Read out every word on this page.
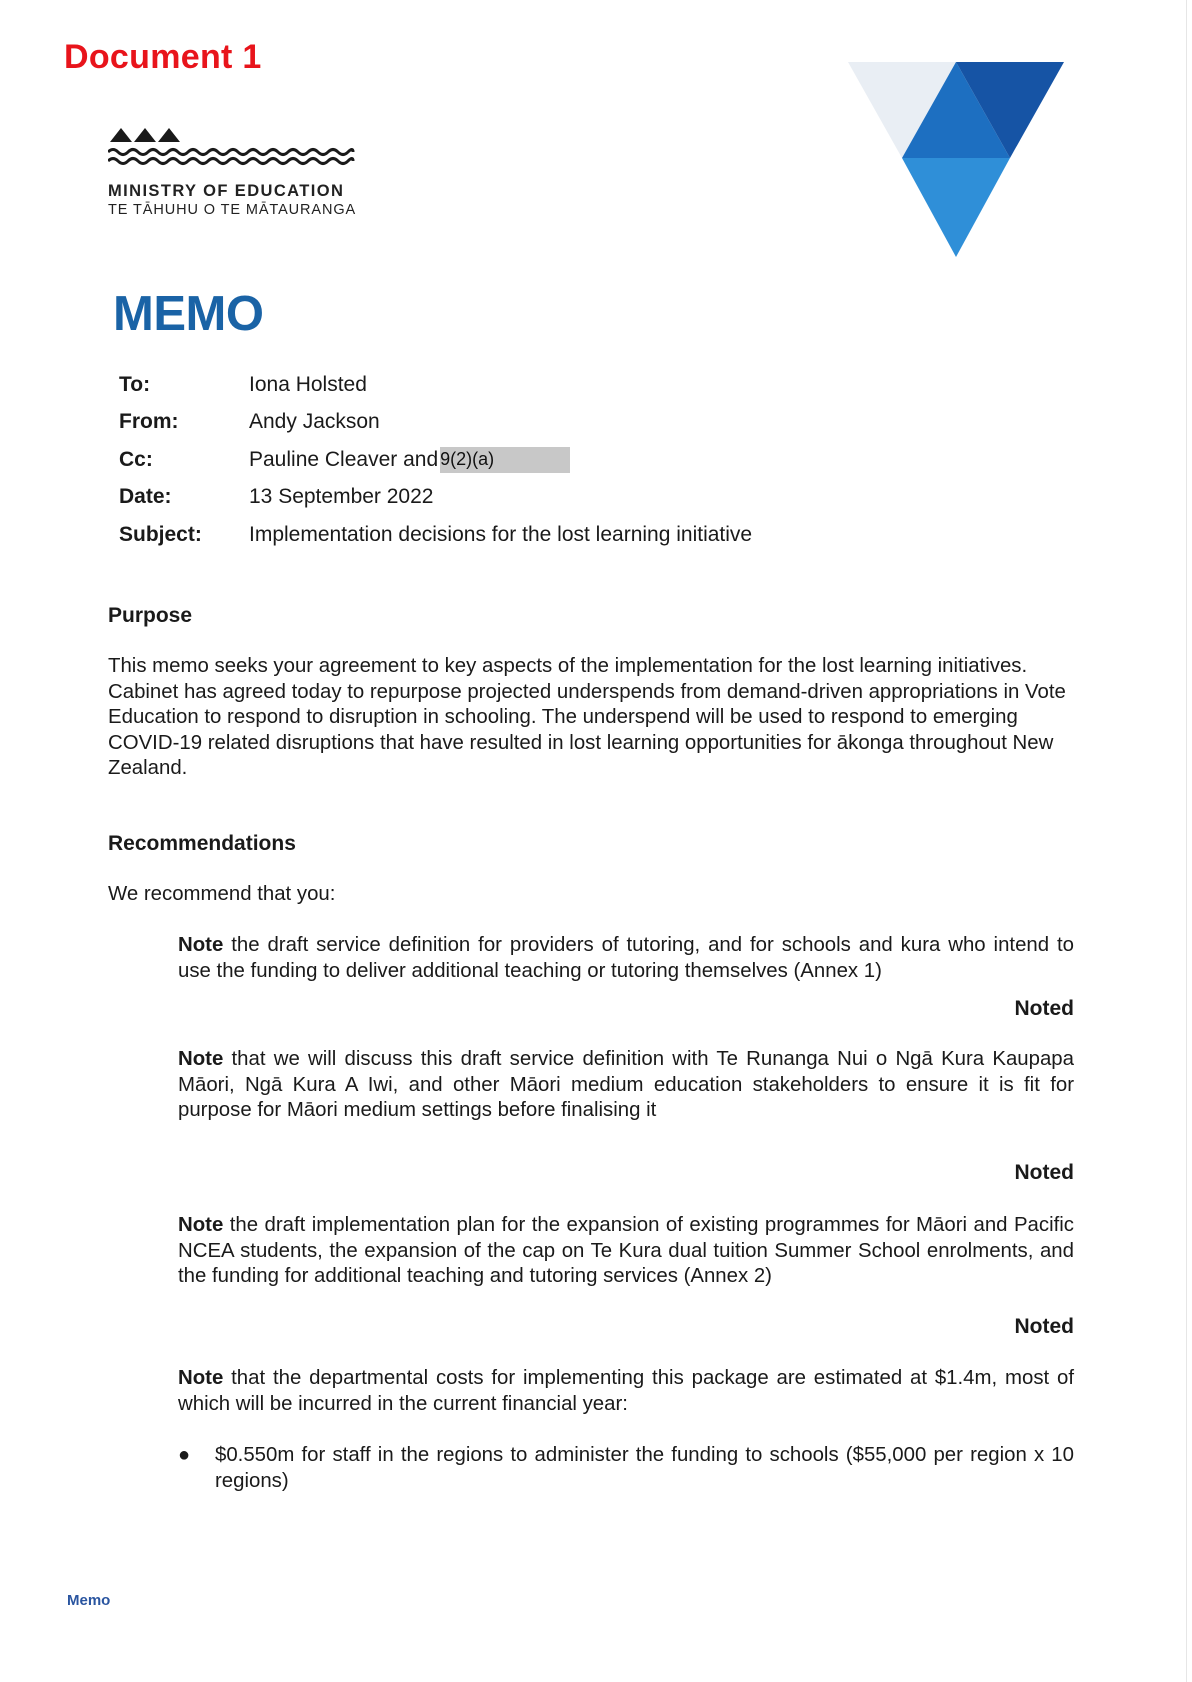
Document 1
MINISTRY OF EDUCATION
TE TĀHUHU O TE MĀTAURANGA
MEMO
To:	Iona Holsted
From:	Andy Jackson
Cc:	Pauline Cleaver and 9(2)(a)
Date:	13 September 2022
Subject:	Implementation decisions for the lost learning initiative
Purpose
This memo seeks your agreement to key aspects of the implementation for the lost learning initiatives. Cabinet has agreed today to repurpose projected underspends from demand-driven appropriations in Vote Education to respond to disruption in schooling. The underspend will be used to respond to emerging COVID-19 related disruptions that have resulted in lost learning opportunities for ākonga throughout New Zealand.
Recommendations
We recommend that you:
Note the draft service definition for providers of tutoring, and for schools and kura who intend to use the funding to deliver additional teaching or tutoring themselves (Annex 1)
Noted
Note that we will discuss this draft service definition with Te Runanga Nui o Ngā Kura Kaupapa Māori, Ngā Kura A Iwi, and other Māori medium education stakeholders to ensure it is fit for purpose for Māori medium settings before finalising it
Noted
Note the draft implementation plan for the expansion of existing programmes for Māori and Pacific NCEA students, the expansion of the cap on Te Kura dual tuition Summer School enrolments, and the funding for additional teaching and tutoring services (Annex 2)
Noted
Note that the departmental costs for implementing this package are estimated at $1.4m, most of which will be incurred in the current financial year:
● $0.550m for staff in the regions to administer the funding to schools ($55,000 per region x 10 regions)
Memo
